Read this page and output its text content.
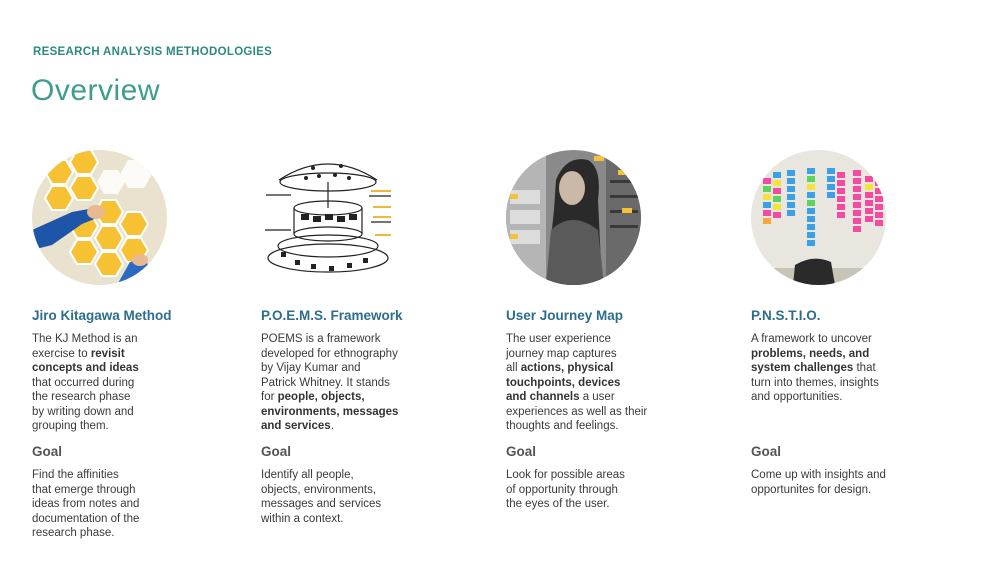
RESEARCH ANALYSIS METHODOLOGIES
Overview
Jiro Kitagawa Method
The KJ Method is an
exercise to revisit
concepts and ideas
that occurred during
the research phase
by writing down and
grouping them.
Goal
Find the affinities
that emerge through
ideas from notes and
documentation of the
research phase.
P.O.E.M.S. Framework
POEMS is a framework
developed for ethnography
by Vijay Kumar and
Patrick Whitney. It stands
for people, objects,
environments, messages
and services.
Goal
Identify all people,
objects, environments,
messages and services
within a context.
User Journey Map
The user experience
journey map captures
all actions, physical
touchpoints, devices
and channels a user
experiences as well as their
thoughts and feelings.
Goal
Look for possible areas
of opportunity through
the eyes of the user.
P.N.S.T.I.O.
A framework to uncover
problems, needs, and
system challenges that
turn into themes, insights
and opportunities.
Goal
Come up with insights and
opportunites for design.
